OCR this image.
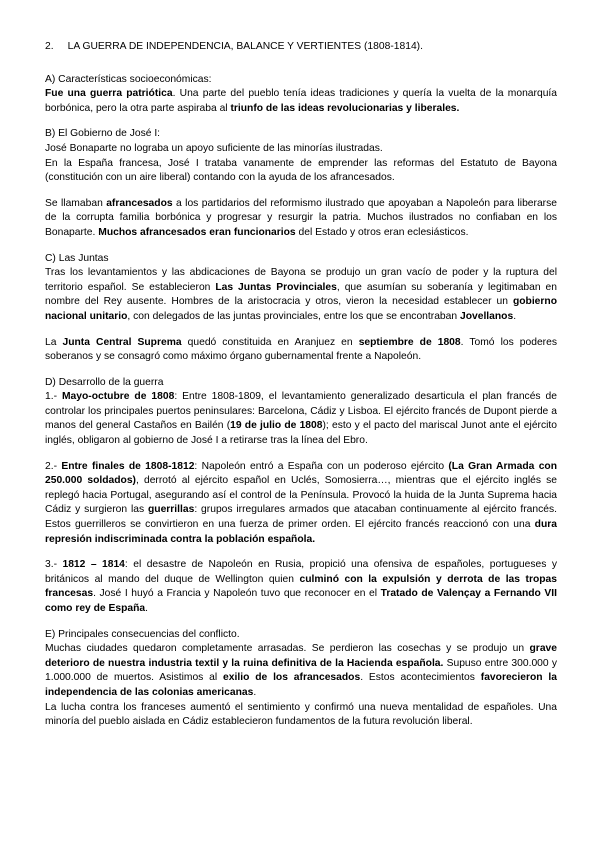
2. LA GUERRA DE INDEPENDENCIA, BALANCE Y VERTIENTES (1808-1814).
A) Características socioeconómicas:

Fue una guerra patriótica. Una parte del pueblo tenía ideas tradiciones y quería la vuelta de la monarquía borbónica, pero la otra parte aspiraba al triunfo de las ideas revolucionarias y liberales.

B) El Gobierno de José I:

José Bonaparte no lograba un apoyo suficiente de las minorías ilustradas.

En la España francesa, José I trataba vanamente de emprender las reformas del Estatuto de Bayona (constitución con un aire liberal) contando con la ayuda de los afrancesados.

Se llamaban afrancesados a los partidarios del reformismo ilustrado que apoyaban a Napoleón para liberarse de la corrupta familia borbónica y progresar y resurgir la patria. Muchos ilustrados no confiaban en los Bonaparte. Muchos afrancesados eran funcionarios del Estado y otros eran eclesiásticos.

C) Las Juntas

Tras los levantamientos y las abdicaciones de Bayona se produjo un gran vacío de poder y la ruptura del territorio español. Se establecieron Las Juntas Provinciales, que asumían su soberanía y legitimaban en nombre del Rey ausente. Hombres de la aristocracia y otros, vieron la necesidad establecer un gobierno nacional unitario, con delegados de las juntas provinciales, entre los que se encontraban Jovellanos.

La Junta Central Suprema quedó constituida en Aranjuez en septiembre de 1808. Tomó los poderes soberanos y se consagró como máximo órgano gubernamental frente a Napoleón.

D) Desarrollo de la guerra

1.- Mayo-octubre de 1808: Entre 1808-1809, el levantamiento generalizado desarticula el plan francés de controlar los principales puertos peninsulares: Barcelona, Cádiz y Lisboa. El ejército francés de Dupont pierde a manos del general Castaños en Bailén (19 de julio de 1808); esto y el pacto del mariscal Junot ante el ejército inglés, obligaron al gobierno de José I a retirarse tras la línea del Ebro.

2.- Entre finales de 1808-1812: Napoleón entró a España con un poderoso ejército (La Gran Armada con 250.000 soldados), derrotó al ejército español en Uclés, Somosierra…, mientras que el ejército inglés se replegó hacia Portugal, asegurando así el control de la Península. Provocó la huida de la Junta Suprema hacia Cádiz y surgieron las guerrillas: grupos irregulares armados que atacaban continuamente al ejército francés. Estos guerrilleros se convirtieron en una fuerza de primer orden. El ejército francés reaccionó con una dura represión indiscriminada contra la población española.

3.- 1812 – 1814: el desastre de Napoleón en Rusia, propició una ofensiva de españoles, portugueses y británicos al mando del duque de Wellington quien culminó con la expulsión y derrota de las tropas francesas. José I huyó a Francia y Napoleón tuvo que reconocer en el Tratado de Valençay a Fernando VII como rey de España.

E) Principales consecuencias del conflicto.

Muchas ciudades quedaron completamente arrasadas. Se perdieron las cosechas y se produjo un grave deterioro de nuestra industria textil y la ruina definitiva de la Hacienda española. Supuso entre 300.000 y 1.000.000 de muertos. Asistimos al exilio de los afrancesados. Estos acontecimientos favorecieron la independencia de las colonias americanas.

La lucha contra los franceses aumentó el sentimiento y confirmó una nueva mentalidad de españoles. Una minoría del pueblo aislada en Cádiz establecieron fundamentos de la futura revolución liberal.
